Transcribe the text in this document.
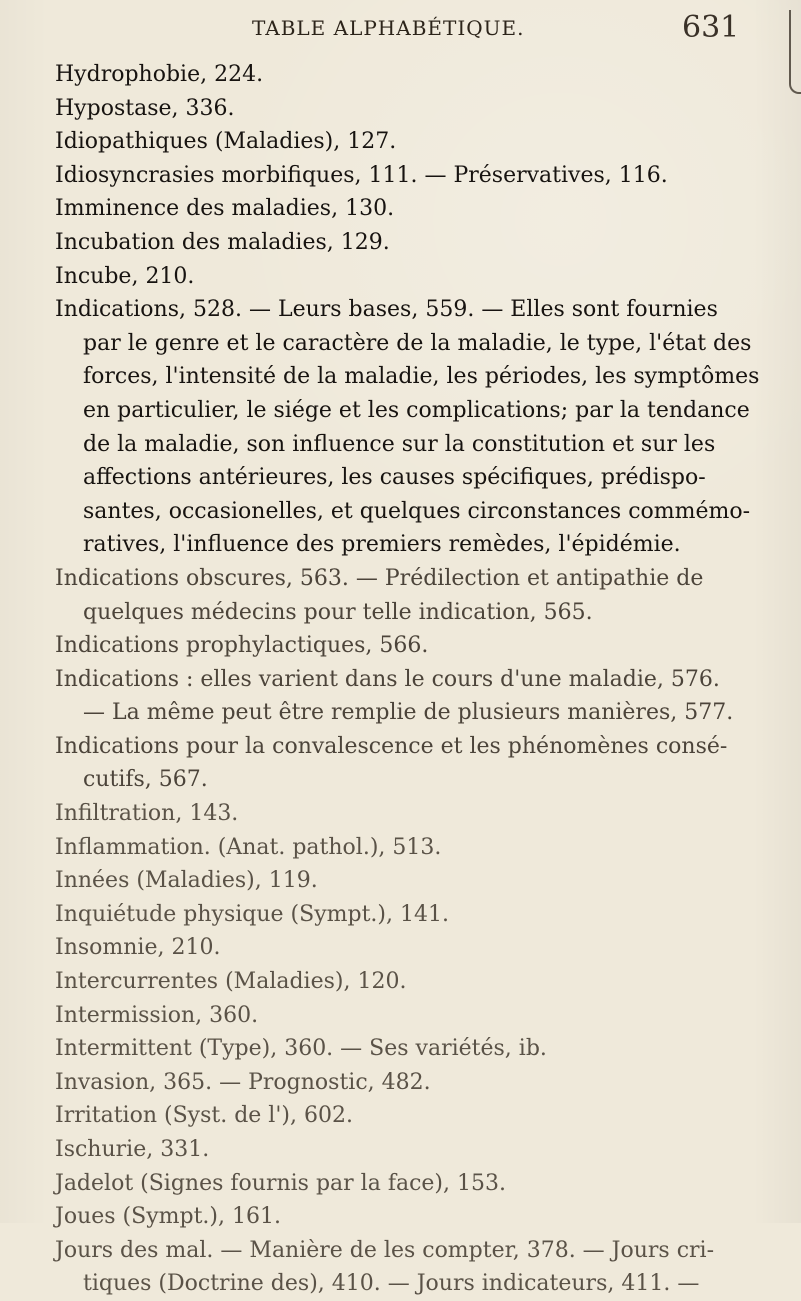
TABLE ALPHABÉTIQUE.	631
Hydrophobie, 224.
Hypostase, 336.
Idiopathiques (Maladies), 127.
Idiosyncrasies morbifiques, 111. — Préservatives, 116.
Imminence des maladies, 130.
Incubation des maladies, 129.
Incube, 210.
Indications, 528. — Leurs bases, 559. — Elles sont fournies
par le genre et le caractère de la maladie, le type, l'état des
forces, l'intensité de la maladie, les périodes, les symptômes
en particulier, le siége et les complications; par la tendance
de la maladie, son influence sur la constitution et sur les
affections antérieures, les causes spécifiques, prédispo-
santes, occasionelles, et quelques circonstances commémo-
ratives, l'influence des premiers remèdes, l'épidémie.
Indications obscures, 563. — Prédilection et antipathie de
quelques médecins pour telle indication, 565.
Indications prophylactiques, 566.
Indications : elles varient dans le cours d'une maladie, 576.
— La même peut être remplie de plusieurs manières, 577.
Indications pour la convalescence et les phénomènes consé-
cutifs, 567.
Infiltration, 143.
Inflammation. (Anat. pathol.), 513.
Innées (Maladies), 119.
Inquiétude physique (Sympt.), 141.
Insomnie, 210.
Intercurrentes (Maladies), 120.
Intermission, 360.
Intermittent (Type), 360. — Ses variétés, ib.
Invasion, 365. — Prognostic, 482.
Irritation (Syst. de l'), 602.
Ischurie, 331.
Jadelot (Signes fournis par la face), 153.
Joues (Sympt.), 161.
Jours des mal. — Manière de les compter, 378. — Jours cri-
tiques (Doctrine des), 410. — Jours indicateurs, 411. —
